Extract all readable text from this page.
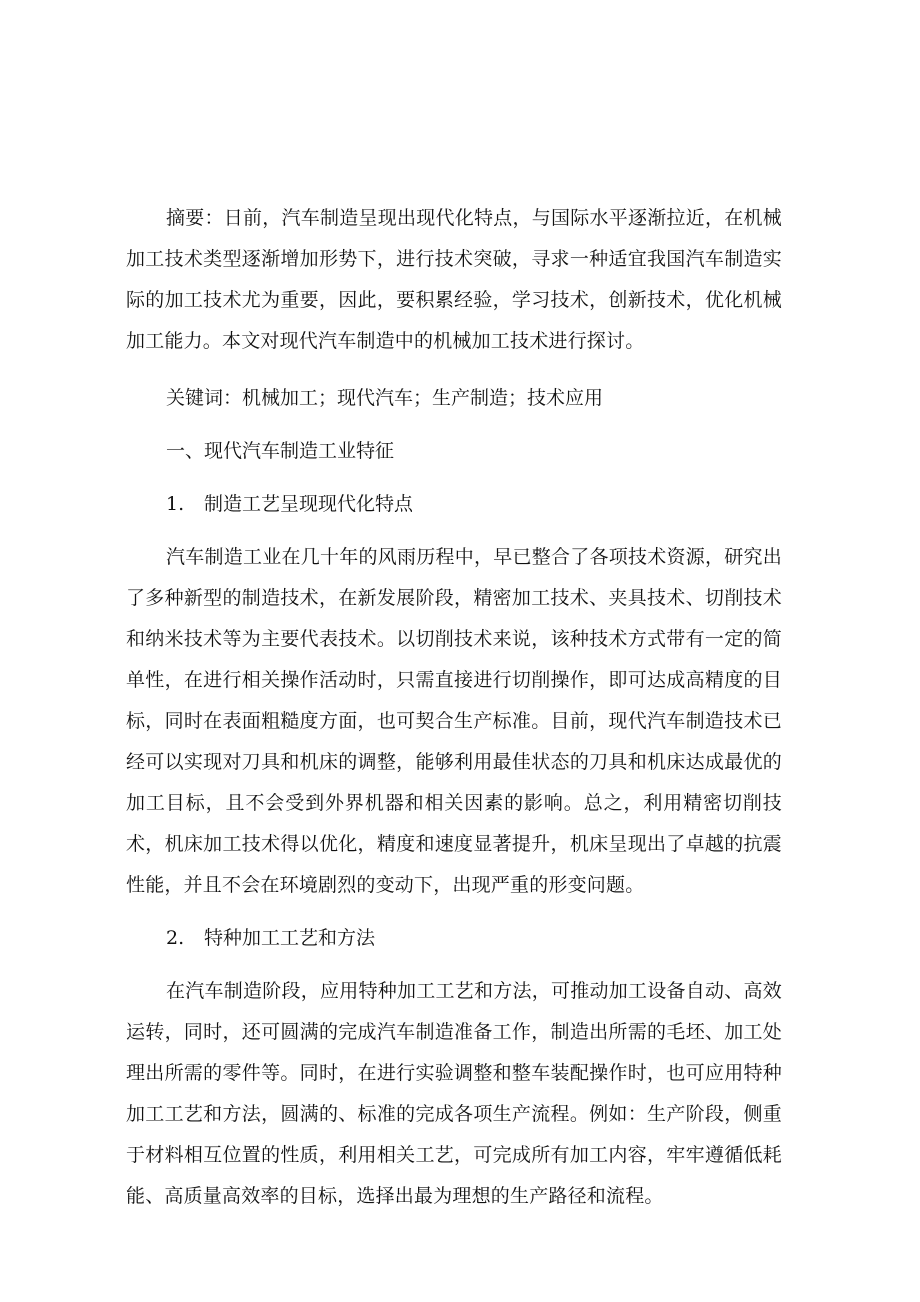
摘要：日前，汽车制造呈现出现代化特点，与国际水平逐渐拉近，在机械加工技术类型逐渐增加形势下，进行技术突破，寻求一种适宜我国汽车制造实际的加工技术尤为重要，因此，要积累经验，学习技术，创新技术，优化机械加工能力。本文对现代汽车制造中的机械加工技术进行探讨。

关键词：机械加工；现代汽车；生产制造；技术应用

一、现代汽车制造工业特征

1. 制造工艺呈现现代化特点

汽车制造工业在几十年的风雨历程中，早已整合了各项技术资源，研究出了多种新型的制造技术，在新发展阶段，精密加工技术、夹具技术、切削技术和纳米技术等为主要代表技术。以切削技术来说，该种技术方式带有一定的简单性，在进行相关操作活动时，只需直接进行切削操作，即可达成高精度的目标，同时在表面粗糙度方面，也可契合生产标准。目前，现代汽车制造技术已经可以实现对刀具和机床的调整，能够利用最佳状态的刀具和机床达成最优的加工目标，且不会受到外界机器和相关因素的影响。总之，利用精密切削技术，机床加工技术得以优化，精度和速度显著提升，机床呈现出了卓越的抗震性能，并且不会在环境剧烈的变动下，出现严重的形变问题。

2. 特种加工工艺和方法

在汽车制造阶段，应用特种加工工艺和方法，可推动加工设备自动、高效运转，同时，还可圆满的完成汽车制造准备工作，制造出所需的毛坯、加工处理出所需的零件等。同时，在进行实验调整和整车装配操作时，也可应用特种加工工艺和方法，圆满的、标准的完成各项生产流程。例如：生产阶段，侧重于材料相互位置的性质，利用相关工艺，可完成所有加工内容，牢牢遵循低耗能、高质量高效率的目标，选择出最为理想的生产路径和流程。
